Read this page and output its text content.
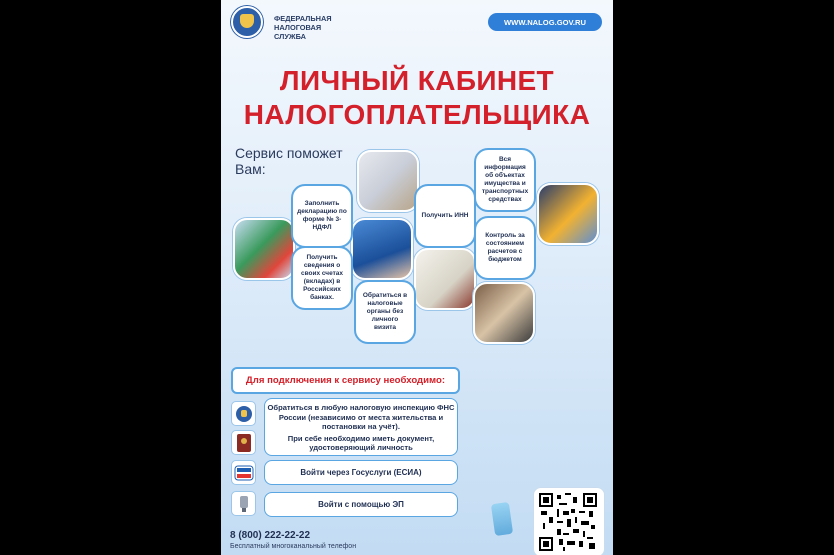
ФЕДЕРАЛЬНАЯ НАЛОГОВАЯ СЛУЖБА
WWW.NALOG.GOV.RU
ЛИЧНЫЙ КАБИНЕТ
НАЛОГОПЛАТЕЛЬЩИКА
Сервис поможет Вам:
Заполнить декларацию по форме № 3-НДФЛ
Получить сведения о своих счетах (вкладах) в Российских банках.	Обратиться в налоговые органы без личного визита
Получить ИНН
Вся информация об объектах имущества и транспортных средствах
Контроль за состоянием расчетов с бюджетом
Для подключения к сервису необходимо:
Обратиться в любую налоговую инспекцию ФНС России (независимо от места жительства и постановки на учёт).
При себе необходимо иметь документ, удостоверяющий личность
Войти через Госуслуги (ЕСИА)
Войти с помощью ЭП
8 (800) 222-22-22
Бесплатный многоканальный телефон
